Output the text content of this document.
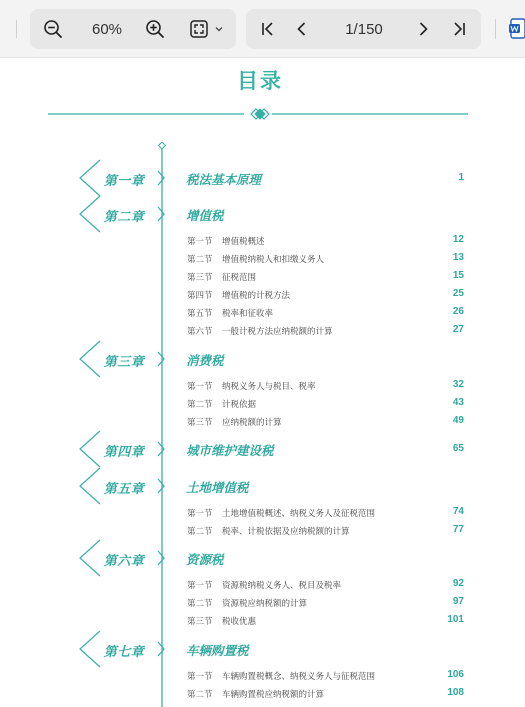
60%	1/150
目录
第一章	税法基本原理	1
第二章	增值税
第一节 增值税概述	12
第二节 增值税纳税人和扣缴义务人	13
第三节 征税范围	15
第四节 增值税的计税方法	25
第五节 税率和征收率	26
第六节 一般计税方法应纳税额的计算	27
第三章	消费税
第一节 纳税义务人与税目、税率	32
第二节 计税依据	43
第三节 应纳税额的计算	49
第四章	城市维护建设税	65
第五章	土地增值税
第一节 土地增值税概述、纳税义务人及征税范围	74
第二节 税率、计税依据及应纳税额的计算	77
第六章	资源税
第一节 资源税纳税义务人、税目及税率	92
第二节 资源税应纳税额的计算	97
第三节 税收优惠	101
第七章	车辆购置税
第一节 车辆购置税概念、纳税义务人与征税范围	106
第二节 车辆购置税应纳税额的计算	108
